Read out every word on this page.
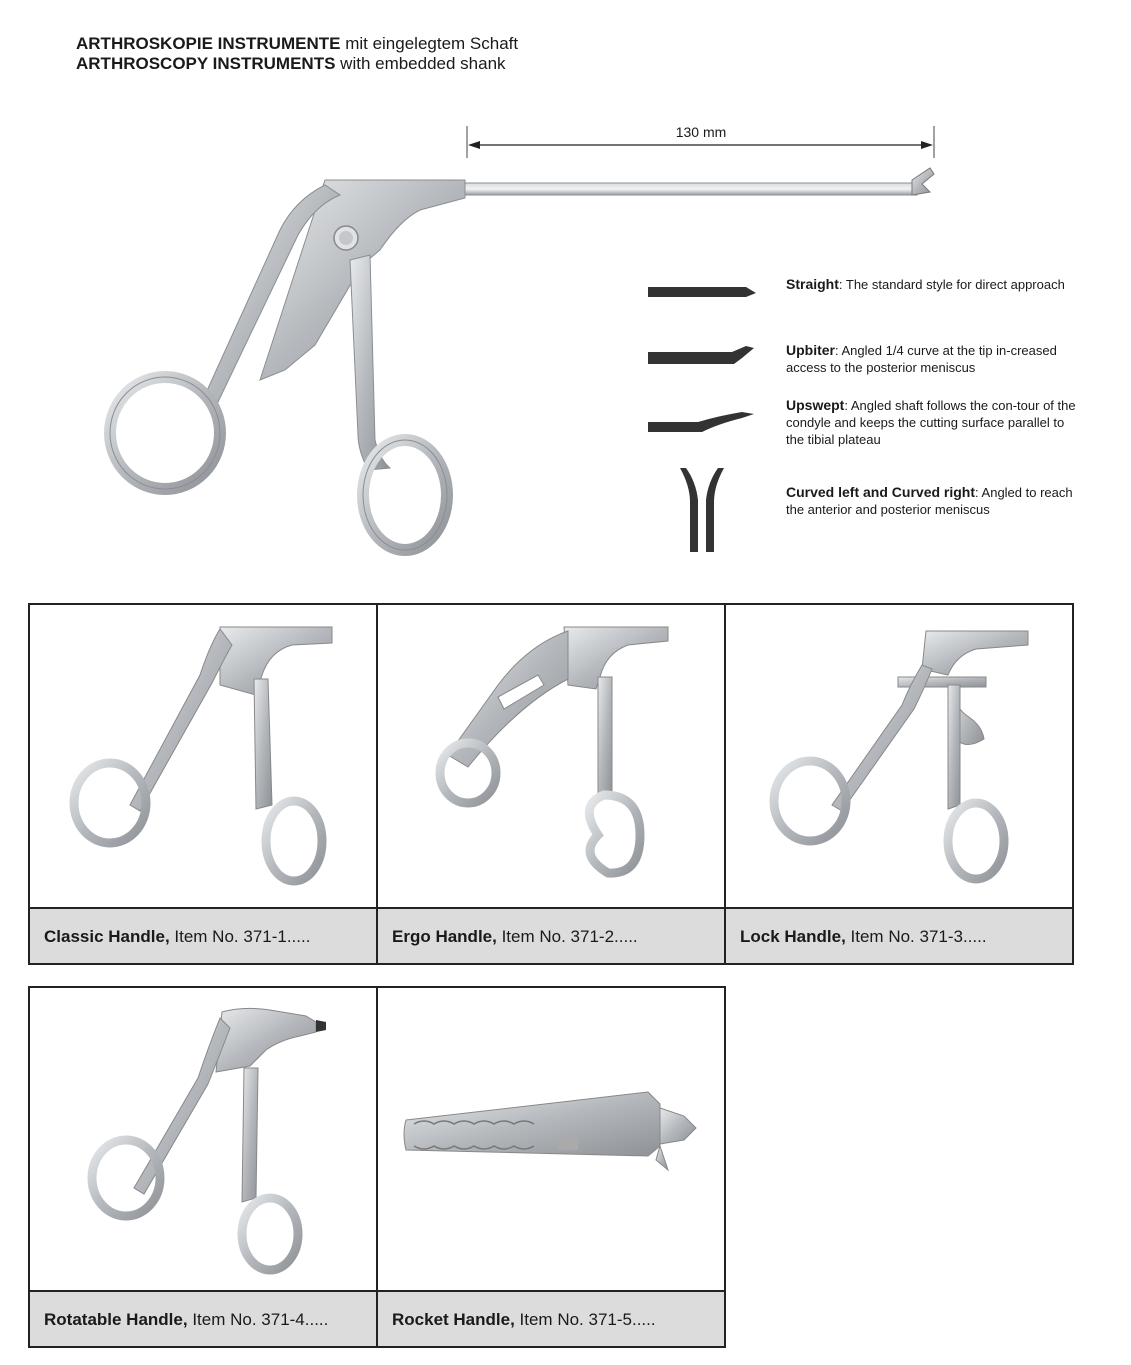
ARTHROSKOPIE INSTRUMENTE mit eingelegtem Schaft
ARTHROSCOPY INSTRUMENTS with embedded shank
130 mm
Straight: The standard style for direct approach
Upbiter: Angled 1/4 curve at the tip in-creased access to the posterior meniscus
Upswept: Angled shaft follows the con-tour of the condyle and keeps the cutting surface parallel to the tibial plateau
Curved left and Curved right: Angled to reach the anterior and posterior meniscus
Classic Handle, Item No. 371-1.....	Ergo Handle, Item No. 371-2.....	Lock Handle, Item No. 371-3.....
Rotatable Handle, Item No. 371-4.....	Rocket Handle, Item No. 371-5.....
